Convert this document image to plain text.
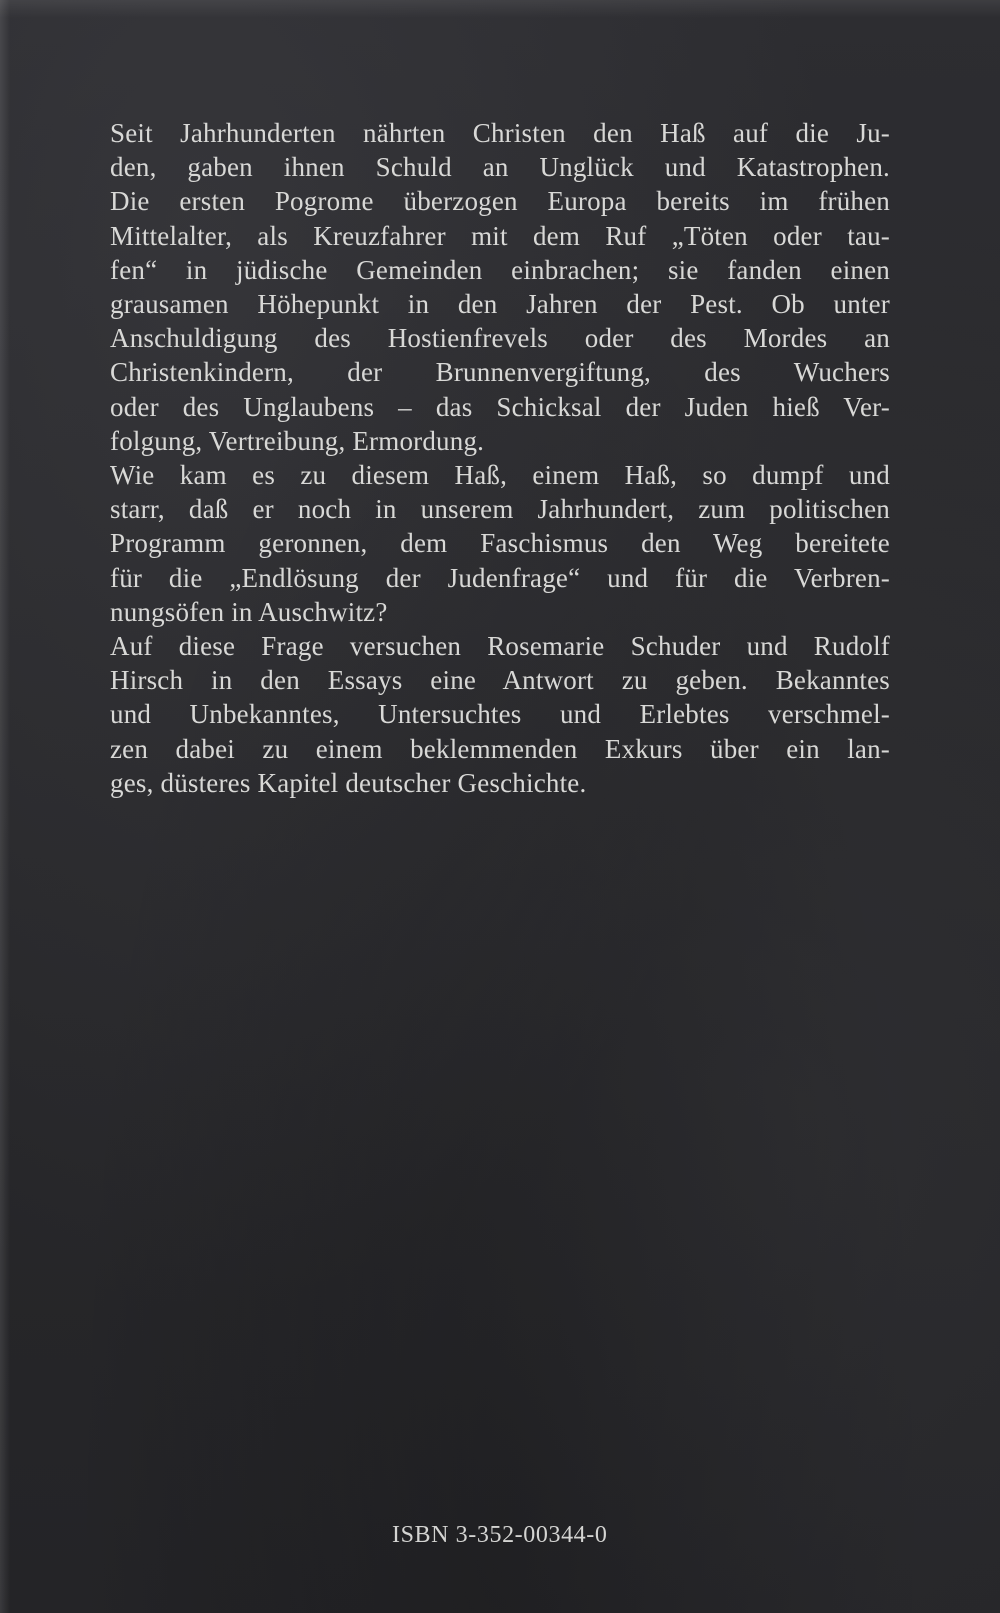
Seit Jahrhunderten nährten Christen den Haß auf die Ju-
den, gaben ihnen Schuld an Unglück und Katastrophen.
Die ersten Pogrome überzogen Europa bereits im frühen
Mittelalter, als Kreuzfahrer mit dem Ruf „Töten oder tau-
fen“ in jüdische Gemeinden einbrachen; sie fanden einen
grausamen Höhepunkt in den Jahren der Pest. Ob unter
Anschuldigung des Hostienfrevels oder des Mordes an
Christenkindern, der Brunnenvergiftung, des Wuchers
oder des Unglaubens – das Schicksal der Juden hieß Ver-
folgung, Vertreibung, Ermordung.
Wie kam es zu diesem Haß, einem Haß, so dumpf und
starr, daß er noch in unserem Jahrhundert, zum politischen
Programm geronnen, dem Faschismus den Weg bereitete
für die „Endlösung der Judenfrage“ und für die Verbren-
nungsöfen in Auschwitz?
Auf diese Frage versuchen Rosemarie Schuder und Rudolf
Hirsch in den Essays eine Antwort zu geben. Bekanntes
und Unbekanntes, Untersuchtes und Erlebtes verschmel-
zen dabei zu einem beklemmenden Exkurs über ein lan-
ges, düsteres Kapitel deutscher Geschichte.
ISBN 3-352-00344-0
